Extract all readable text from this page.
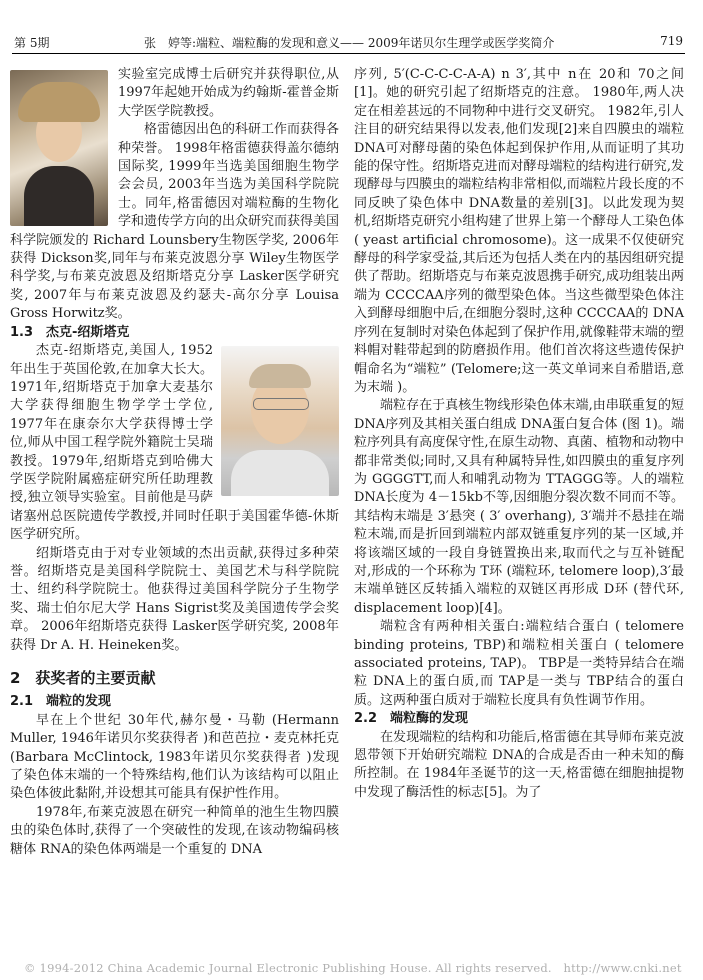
第 5期	张　婷等:端粒、端粒酶的发现和意义—— 2009年诺贝尔生理学或医学奖简介	719

实验室完成博士后研究并获得职位,从 1997年起她开始成为约翰斯-霍普金斯大学医学院教授。

格雷德因出色的科研工作而获得各种荣誉。 1998年格雷德获得盖尔德纳国际奖, 1999年当选美国细胞生物学会会员, 2003年当选为美国科学院院士。同年,格雷德因对端粒酶的生物化学和遗传学方向的出众研究而获得美国科学院颁发的 Richard Lounsbery生物医学奖, 2006年获得 Dickson奖,同年与布莱克波恩分享 Wiley生物医学科学奖,与布莱克波恩及绍斯塔克分享 Lasker医学研究奖, 2007年与布莱克波恩及约瑟夫-高尔分享 Louisa Gross Horwitz奖。

1.3　杰克-绍斯塔克

杰克-绍斯塔克,美国人, 1952年出生于英国伦敦,在加拿大长大。1971年,绍斯塔克于加拿大麦基尔大学获得细胞生物学学士学位, 1977年在康奈尔大学获得博士学位,师从中国工程学院外籍院士吴瑞教授。1979年,绍斯塔克到哈佛大学医学院附属癌症研究所任助理教授,独立领导实验室。目前他是马萨诸塞州总医院遗传学教授,并同时任职于美国霍华德-休斯医学研究所。

绍斯塔克由于对专业领域的杰出贡献,获得过多种荣誉。绍斯塔克是美国科学院院士、美国艺术与科学院院士、纽约科学院院士。他获得过美国科学院分子生物学奖、瑞士伯尔尼大学 Hans Sigrist奖及美国遗传学会奖章。 2006年绍斯塔克获得 Lasker医学研究奖, 2008年获得 Dr A. H. Heineken奖。

2　获奖者的主要贡献

2.1　端粒的发现

早在上个世纪 30年代,赫尔曼・马勒 (Hermann Muller, 1946年诺贝尔奖获得者 )和芭芭拉・麦克林托克 (Barbara McClintock, 1983年诺贝尔奖获得者 )发现了染色体末端的一个特殊结构,他们认为该结构可以阻止染色体彼此黏附,并设想其可能具有保护性作用。

1978年,布莱克波恩在研究一种简单的池生生物四膜虫的染色体时,获得了一个突破性的发现,在该动物编码核糖体 RNA的染色体两端是一个重复的 DNA

序列, 5′(C-C-C-C-A-A) n 3′,其中 n在 20和 70之间[1]。她的研究引起了绍斯塔克的注意。 1980年,两人决定在相差甚远的不同物种中进行交叉研究。 1982年,引人注目的研究结果得以发表,他们发现[2]来自四膜虫的端粒 DNA可对酵母菌的染色体起到保护作用,从而证明了其功能的保守性。绍斯塔克进而对酵母端粒的结构进行研究,发现酵母与四膜虫的端粒结构非常相似,而端粒片段长度的不同反映了染色体中 DNA数量的差别[3]。以此发现为契机,绍斯塔克研究小组构建了世界上第一个酵母人工染色体 ( yeast artificial chromosome)。这一成果不仅使研究酵母的科学家受益,其后还为包括人类在内的基因组研究提供了帮助。绍斯塔克与布莱克波恩携手研究,成功组装出两端为 CCCCAA序列的微型染色体。当这些微型染色体注入到酵母细胞中后,在细胞分裂时,这种 CCCCAA的 DNA序列在复制时对染色体起到了保护作用,就像鞋带末端的塑料帽对鞋带起到的防磨损作用。他们首次将这些遗传保护帽命名为“端粒” (Telomere;这一英文单词来自希腊语,意为末端 )。

端粒存在于真核生物线形染色体末端,由串联重复的短 DNA序列及其相关蛋白组成 DNA蛋白复合体 (图 1)。端粒序列具有高度保守性,在原生动物、真菌、植物和动物中都非常类似;同时,又具有种属特异性,如四膜虫的重复序列为 GGGGTT,而人和哺乳动物为 TTAGGG等。人的端粒 DNA长度为 4－15kb不等,因细胞分裂次数不同而不等。其结构末端是 3′悬突 ( 3′ overhang), 3′端并不悬挂在端粒末端,而是折回到端粒内部双链重复序列的某一区域,并将该端区域的一段自身链置换出来,取而代之与互补链配对,形成的一个环称为 T环 (端粒环, telomere loop),3′最末端单链区反转插入端粒的双链区再形成 D环 (替代环, displacement loop)[4]。

端粒含有两种相关蛋白:端粒结合蛋白 ( telomere binding proteins, TBP)和端粒相关蛋白 ( telomere associated proteins, TAP)。 TBP是一类特异结合在端粒 DNA上的蛋白质,而 TAP是一类与 TBP结合的蛋白质。这两种蛋白质对于端粒长度具有负性调节作用。

2.2　端粒酶的发现

在发现端粒的结构和功能后,格雷德在其导师布莱克波恩带领下开始研究端粒 DNA的合成是否由一种未知的酶所控制。在 1984年圣诞节的这一天,格雷德在细胞抽提物中发现了酶活性的标志[5]。为了

© 1994-2012 China Academic Journal Electronic Publishing House. All rights reserved.　http://www.cnki.net
